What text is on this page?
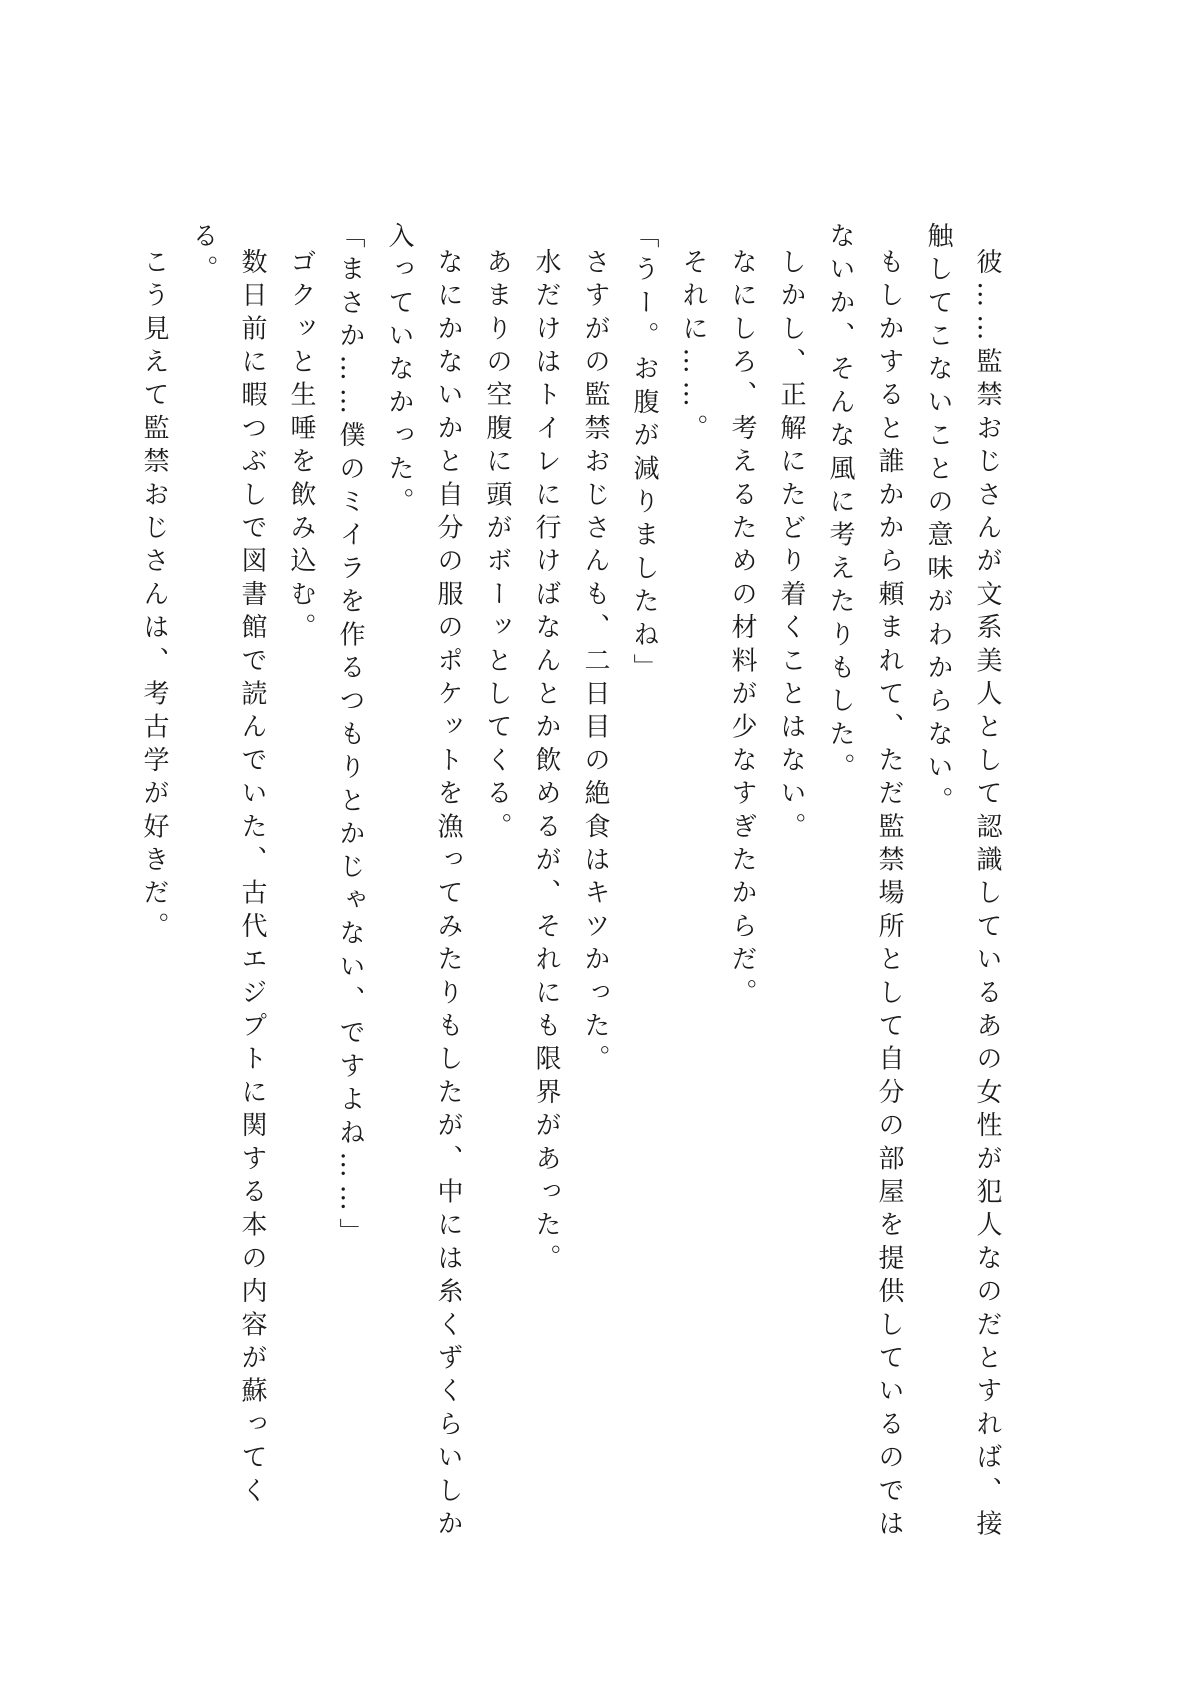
彼……監禁おじさんが文系美人として認識しているあの女性が犯人なのだとすれば、接触してこないことの意味がわからない。

もしかすると誰かから頼まれて、ただ監禁場所として自分の部屋を提供しているのではないか、そんな風に考えたりもした。

しかし、正解にたどり着くことはない。

なにしろ、考えるための材料が少なすぎたからだ。

それに……。

「うー。お腹が減りましたね」

さすがの監禁おじさんも、二日目の絶食はキツかった。

水だけはトイレに行けばなんとか飲めるが、それにも限界があった。

あまりの空腹に頭がボーッとしてくる。

なにかないかと自分の服のポケットを漁ってみたりもしたが、中には糸くずくらいしか入っていなかった。

「まさか……僕のミイラを作るつもりとかじゃない、ですよね……」

ゴクッと生唾を飲み込む。

数日前に暇つぶしで図書館で読んでいた、古代エジプトに関する本の内容が蘇ってくる。

こう見えて監禁おじさんは、考古学が好きだ。
